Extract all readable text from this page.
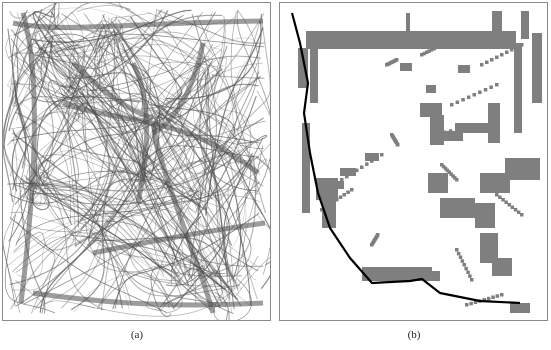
(a)	(b)
